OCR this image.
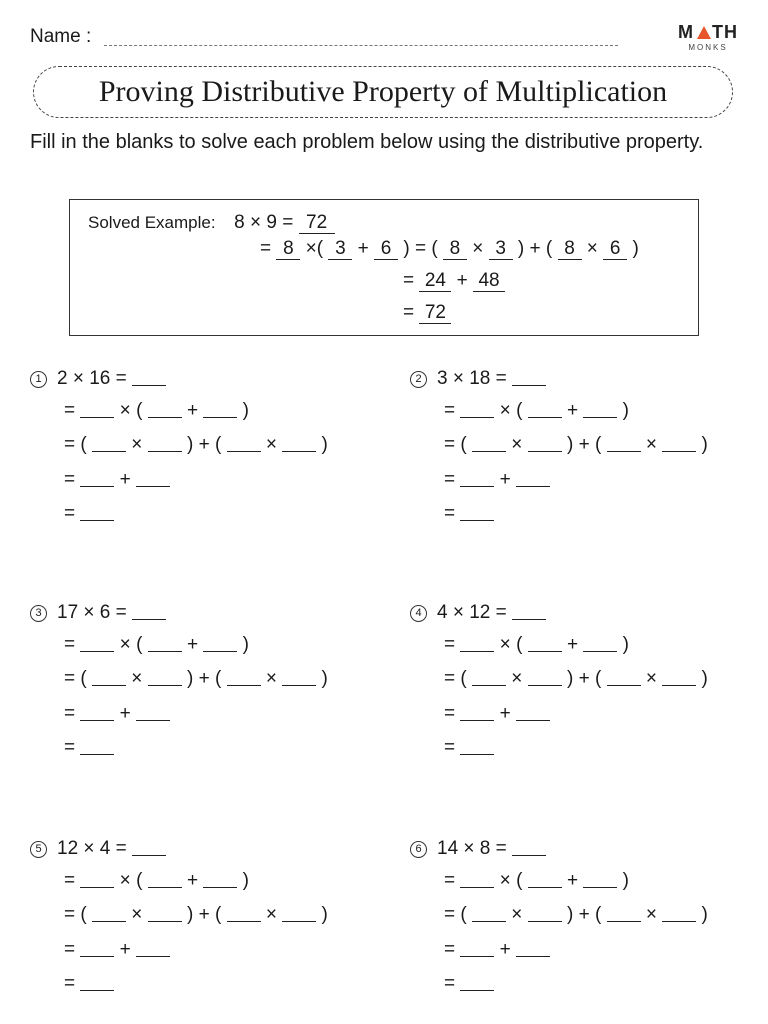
Name :	M   TH
MONKS
Proving Distributive Property of Multiplication
Fill in the blanks to solve each problem below using the distributive property.
Solved Example: 8 × 9 = 72
= 8 ×( 3 + 6 ) = ( 8 × 3 ) + ( 8 × 6 )
= 24 + 48
= 72
1 2 × 16 =
= × ( + )
= ( × ) + ( × )
= +
=
2 3 × 18 =
= × ( + )
= ( × ) + ( × )
= +
=
3 17 × 6 =
= × ( + )
= ( × ) + ( × )
= +
=
4 4 × 12 =
= × ( + )
= ( × ) + ( × )
= +
=
5 12 × 4 =
= × ( + )
= ( × ) + ( × )
= +
=
6 14 × 8 =
= × ( + )
= ( × ) + ( × )
= +
=
